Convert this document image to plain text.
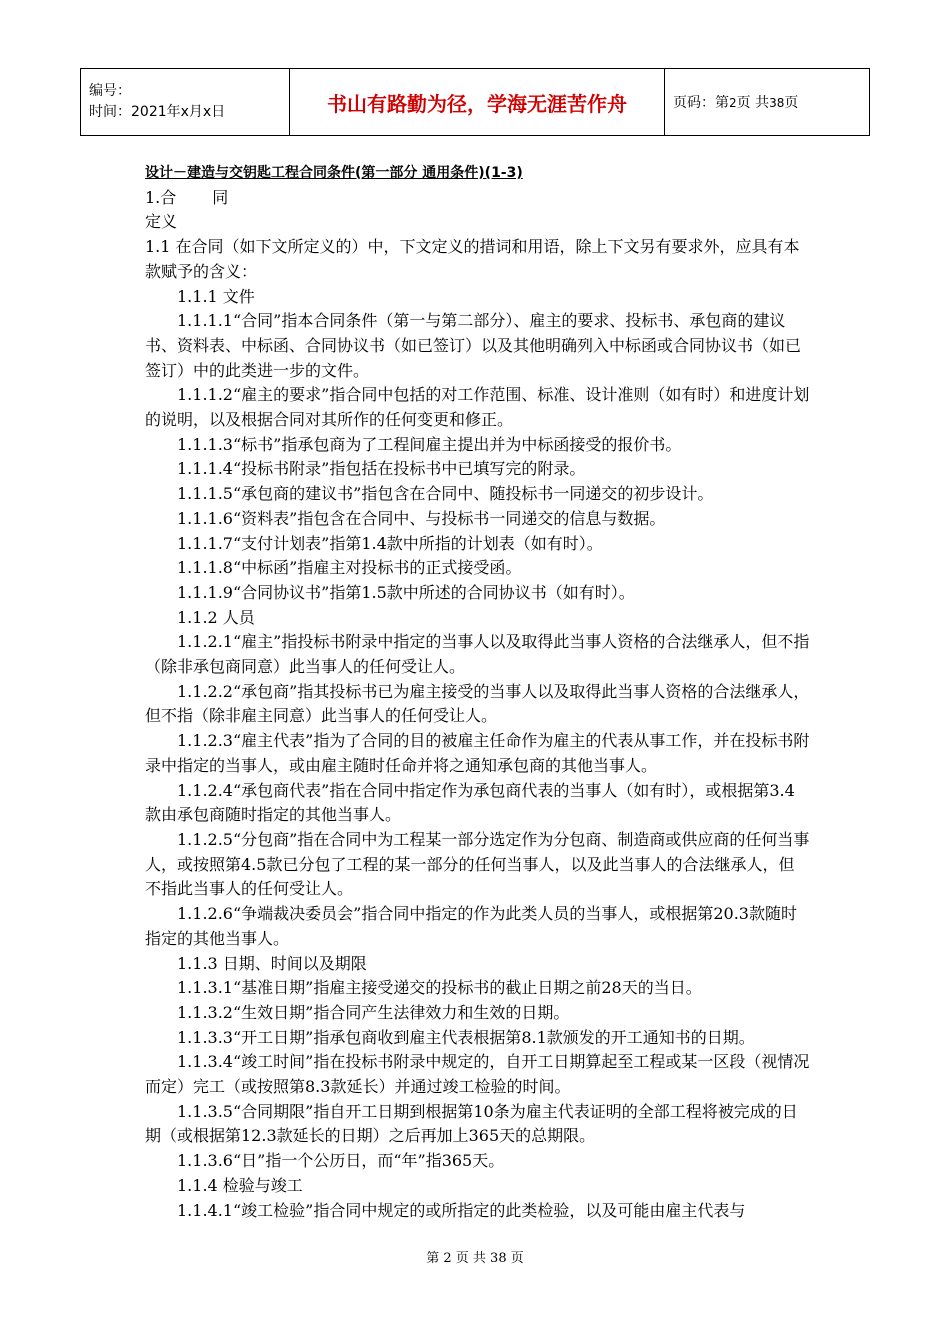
编号：
时间：2021年x月x日	书山有路勤为径，学海无涯苦作舟	页码：第2页 共38页

设计－建造与交钥匙工程合同条件(第一部分 通用条件)(1-3)

1.合 同

定义

1.1 在合同（如下文所定义的）中，下文定义的措词和用语，除上下文另有要求外，应具有本款赋予的含义：

1.1.1 文件

1.1.1.1“合同”指本合同条件（第一与第二部分）、雇主的要求、投标书、承包商的建议书、资料表、中标函、合同协议书（如已签订）以及其他明确列入中标函或合同协议书（如已签订）中的此类进一步的文件。

1.1.1.2“雇主的要求”指合同中包括的对工作范围、标准、设计准则（如有时）和进度计划的说明，以及根据合同对其所作的任何变更和修正。

1.1.1.3“标书”指承包商为了工程间雇主提出并为中标函接受的报价书。

1.1.1.4“投标书附录”指包括在投标书中已填写完的附录。

1.1.1.5“承包商的建议书”指包含在合同中、随投标书一同递交的初步设计。

1.1.1.6“资料表”指包含在合同中、与投标书一同递交的信息与数据。

1.1.1.7“支付计划表”指第1.4款中所指的计划表（如有时）。

1.1.1.8“中标函”指雇主对投标书的正式接受函。

1.1.1.9“合同协议书”指第1.5款中所述的合同协议书（如有时）。

1.1.2 人员

1.1.2.1“雇主”指投标书附录中指定的当事人以及取得此当事人资格的合法继承人，但不指（除非承包商同意）此当事人的任何受让人。

1.1.2.2“承包商”指其投标书已为雇主接受的当事人以及取得此当事人资格的合法继承人，但不指（除非雇主同意）此当事人的任何受让人。

1.1.2.3“雇主代表”指为了合同的目的被雇主任命作为雇主的代表从事工作，并在投标书附录中指定的当事人，或由雇主随时任命并将之通知承包商的其他当事人。

1.1.2.4“承包商代表”指在合同中指定作为承包商代表的当事人（如有时），或根据第3.4款由承包商随时指定的其他当事人。

1.1.2.5“分包商”指在合同中为工程某一部分选定作为分包商、制造商或供应商的任何当事人，或按照第4.5款已分包了工程的某一部分的任何当事人，以及此当事人的合法继承人，但不指此当事人的任何受让人。

1.1.2.6“争端裁决委员会”指合同中指定的作为此类人员的当事人，或根据第20.3款随时指定的其他当事人。

1.1.3 日期、时间以及期限

1.1.3.1“基准日期”指雇主接受递交的投标书的截止日期之前28天的当日。

1.1.3.2“生效日期”指合同产生法律效力和生效的日期。

1.1.3.3“开工日期”指承包商收到雇主代表根据第8.1款颁发的开工通知书的日期。

1.1.3.4“竣工时间”指在投标书附录中规定的，自开工日期算起至工程或某一区段（视情况而定）完工（或按照第8.3款延长）并通过竣工检验的时间。

1.1.3.5“合同期限”指自开工日期到根据第10条为雇主代表证明的全部工程将被完成的日期（或根据第12.3款延长的日期）之后再加上365天的总期限。

1.1.3.6“日”指一个公历日，而“年”指365天。

1.1.4 检验与竣工

1.1.4.1“竣工检验”指合同中规定的或所指定的此类检验，以及可能由雇主代表与

第 2 页 共 38 页
